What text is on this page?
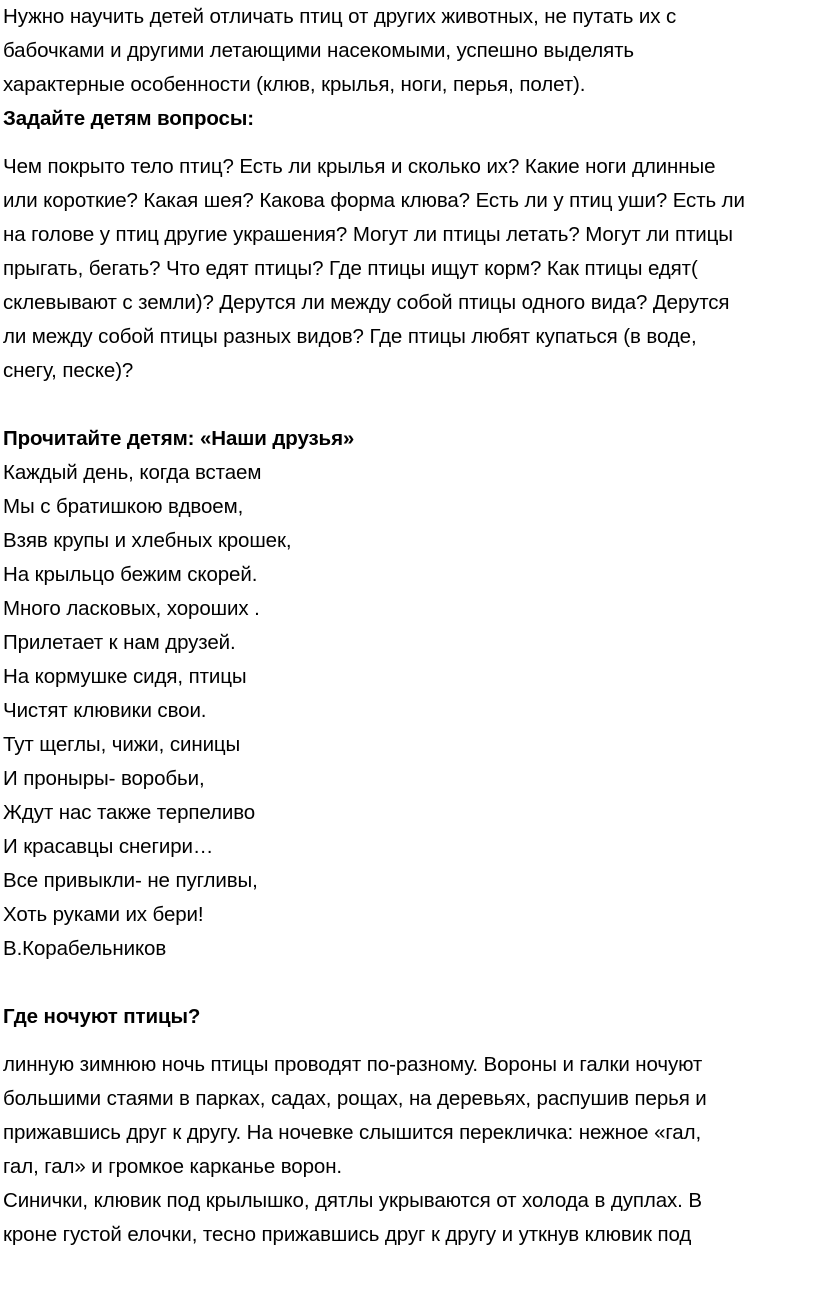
Нужно научить детей отличать птиц от других животных, не путать их с
бабочками и другими летающими насекомыми, успешно выделять
характерные особенности (клюв, крылья, ноги, перья, полет).
Задайте детям вопросы:
Чем покрыто тело птиц? Есть ли крылья и сколько их? Какие ноги длинные
или короткие? Какая шея? Какова форма клюва? Есть ли у птиц уши? Есть ли
на голове у птиц другие украшения? Могут ли птицы летать? Могут ли птицы
прыгать, бегать? Что едят птицы? Где птицы ищут корм? Как птицы едят(
склевывают с земли)? Дерутся ли между собой птицы одного вида? Дерутся
ли между собой птицы разных видов? Где птицы любят купаться (в воде,
снегу, песке)?
Прочитайте детям: «Наши друзья»
Каждый день, когда встаем
Мы с братишкою вдвоем,
Взяв крупы и хлебных крошек,
На крыльцо бежим скорей.
Много ласковых, хороших .
Прилетает к нам друзей.
На кормушке сидя, птицы
Чистят клювики свои.
Тут щеглы, чижи, синицы
И проныры- воробьи,
Ждут нас также терпеливо
И красавцы снегири…
Все привыкли- не пугливы,
Хоть руками их бери!
В.Корабельников
Где ночуют птицы?
линную зимнюю ночь птицы проводят по-разному. Вороны и галки ночуют
большими стаями в парках, садах, рощах, на деревьях, распушив перья и
прижавшись друг к другу. На ночевке слышится перекличка: нежное «гал,
гал, гал» и громкое карканье ворон.
Синички, клювик под крылышко, дятлы укрываются от холода в дуплах. В
кроне густой елочки, тесно прижавшись друг к другу и уткнув клювик под
